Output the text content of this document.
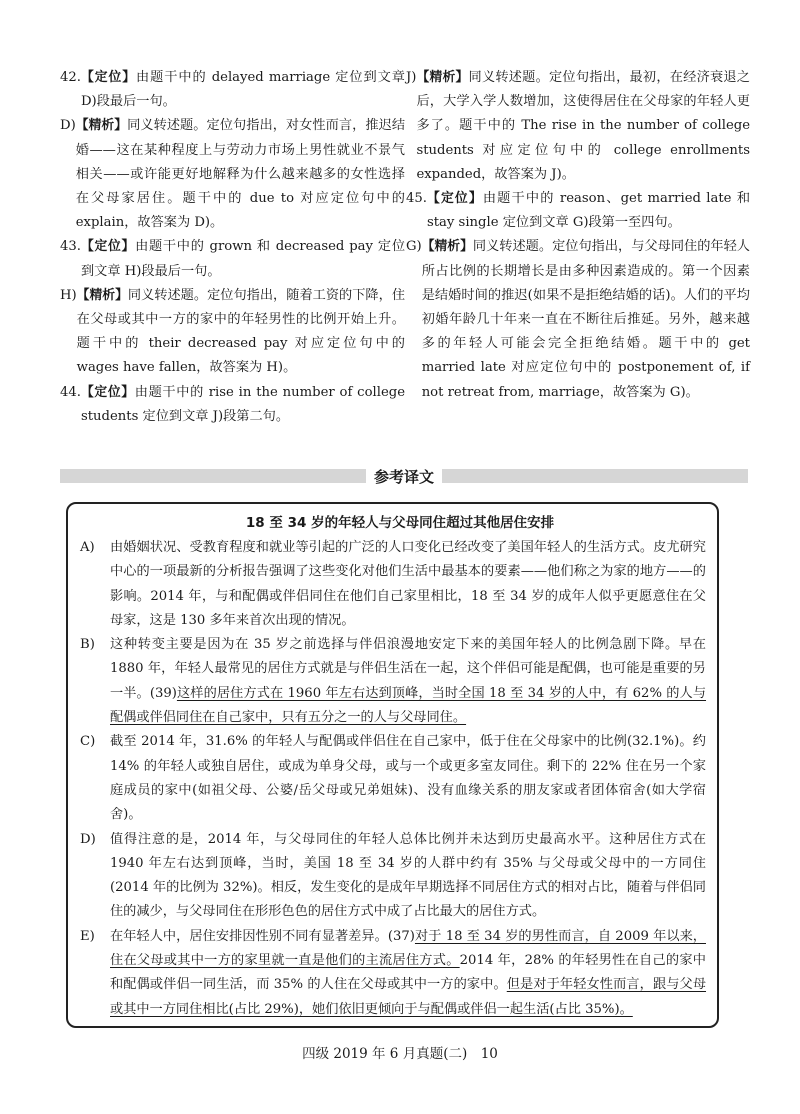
42. 【定位】由题干中的 delayed marriage 定位到文章 D)段最后一句。
D) 【精析】同义转述题。定位句指出，对女性而言，推迟结婚——这在某种程度上与劳动力市场上男性就业不景气相关——或许能更好地解释为什么越来越多的女性选择在父母家居住。题干中的 due to 对应定位句中的 explain，故答案为 D)。
43. 【定位】由题干中的 grown 和 decreased pay 定位到文章 H)段最后一句。
H) 【精析】同义转述题。定位句指出，随着工资的下降，住在父母或其中一方的家中的年轻男性的比例开始上升。题干中的 their decreased pay 对应定位句中的 wages have fallen，故答案为 H)。
44. 【定位】由题干中的 rise in the number of college students 定位到文章 J)段第二句。
J) 【精析】同义转述题。定位句指出，最初，在经济衰退之后，大学入学人数增加，这使得居住在父母家的年轻人更多了。题干中的 The rise in the number of college students 对应定位句中的 college enrollments expanded，故答案为 J)。
45. 【定位】由题干中的 reason、get married late 和 stay single 定位到文章 G)段第一至四句。
G) 【精析】同义转述题。定位句指出，与父母同住的年轻人所占比例的长期增长是由多种因素造成的。第一个因素是结婚时间的推迟(如果不是拒绝结婚的话)。人们的平均初婚年龄几十年来一直在不断往后推延。另外，越来越多的年轻人可能会完全拒绝结婚。题干中的 get married late 对应定位句中的 postponement of, if not retreat from, marriage，故答案为 G)。
参考译文
18 至 34 岁的年轻人与父母同住超过其他居住安排
A)	由婚姻状况、受教育程度和就业等引起的广泛的人口变化已经改变了美国年轻人的生活方式。皮尤研究中心的一项最新的分析报告强调了这些变化对他们生活中最基本的要素——他们称之为家的地方——的影响。2014 年，与和配偶或伴侣同住在他们自己家里相比，18 至 34 岁的成年人似乎更愿意住在父母家，这是 130 多年来首次出现的情况。
B)	这种转变主要是因为在 35 岁之前选择与伴侣浪漫地安定下来的美国年轻人的比例急剧下降。早在 1880 年，年轻人最常见的居住方式就是与伴侣生活在一起，这个伴侣可能是配偶，也可能是重要的另一半。(39)这样的居住方式在 1960 年左右达到顶峰，当时全国 18 至 34 岁的人中，有 62% 的人与配偶或伴侣同住在自己家中，只有五分之一的人与父母同住。
C)	截至 2014 年，31.6% 的年轻人与配偶或伴侣住在自己家中，低于住在父母家中的比例(32.1%)。约 14% 的年轻人或独自居住，或成为单身父母，或与一个或更多室友同住。剩下的 22% 住在另一个家庭成员的家中(如祖父母、公婆/岳父母或兄弟姐妹)、没有血缘关系的朋友家或者团体宿舍(如大学宿舍)。
D)	值得注意的是，2014 年，与父母同住的年轻人总体比例并未达到历史最高水平。这种居住方式在 1940 年左右达到顶峰，当时，美国 18 至 34 岁的人群中约有 35% 与父母或父母中的一方同住(2014 年的比例为 32%)。相反，发生变化的是成年早期选择不同居住方式的相对占比，随着与伴侣同住的减少，与父母同住在形形色色的居住方式中成了占比最大的居住方式。
E)	在年轻人中，居住安排因性别不同有显著差异。(37)对于 18 至 34 岁的男性而言，自 2009 年以来，住在父母或其中一方的家里就一直是他们的主流居住方式。2014 年，28% 的年轻男性在自己的家中和配偶或伴侣一同生活，而 35% 的人住在父母或其中一方的家中。但是对于年轻女性而言，跟与父母或其中一方同住相比(占比 29%)，她们依旧更倾向于与配偶或伴侣一起生活(占比 35%)。
四级 2019 年 6 月真题(二)　10
